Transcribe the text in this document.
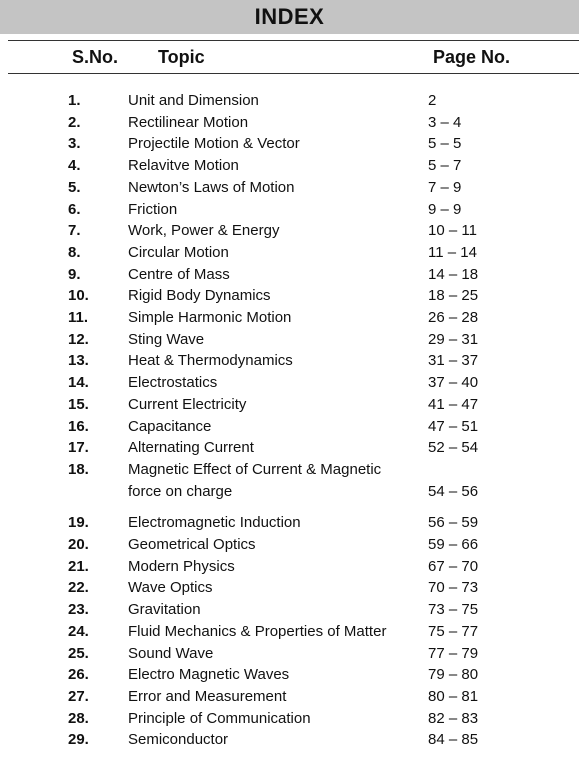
INDEX
S.No. Topic	Page No.
1.	Unit and Dimension	2
2.	Rectilinear Motion	3 – 4
3.	Projectile Motion & Vector	5 – 5
4.	Relavitve Motion	5 – 7
5.	Newton’s Laws of Motion	7 – 9
6.	Friction	9 – 9
7.	Work, Power & Energy	10 – 11
8.	Circular Motion	11 – 14
9.	Centre of Mass	14 – 18
10.	Rigid Body Dynamics	18 – 25
11.	Simple Harmonic Motion	26 – 28
12.	Sting Wave	29 – 31
13.	Heat & Thermodynamics	31 – 37
14.	Electrostatics	37 – 40
15.	Current Electricity	41 – 47
16.	Capacitance	47 – 51
17.	Alternating Current	52 – 54
18.	Magnetic Effect of Current & Magnetic
force on charge	54 – 56
19.	Electromagnetic Induction	56 – 59
20.	Geometrical Optics	59 – 66
21.	Modern Physics	67 – 70
22.	Wave Optics	70 – 73
23.	Gravitation	73 – 75
24.	Fluid Mechanics & Properties of Matter	75 – 77
25.	Sound Wave	77 – 79
26.	Electro Magnetic Waves	79 – 80
27.	Error and Measurement	80 – 81
28.	Principle of Communication	82 – 83
29.	Semiconductor	84 – 85
